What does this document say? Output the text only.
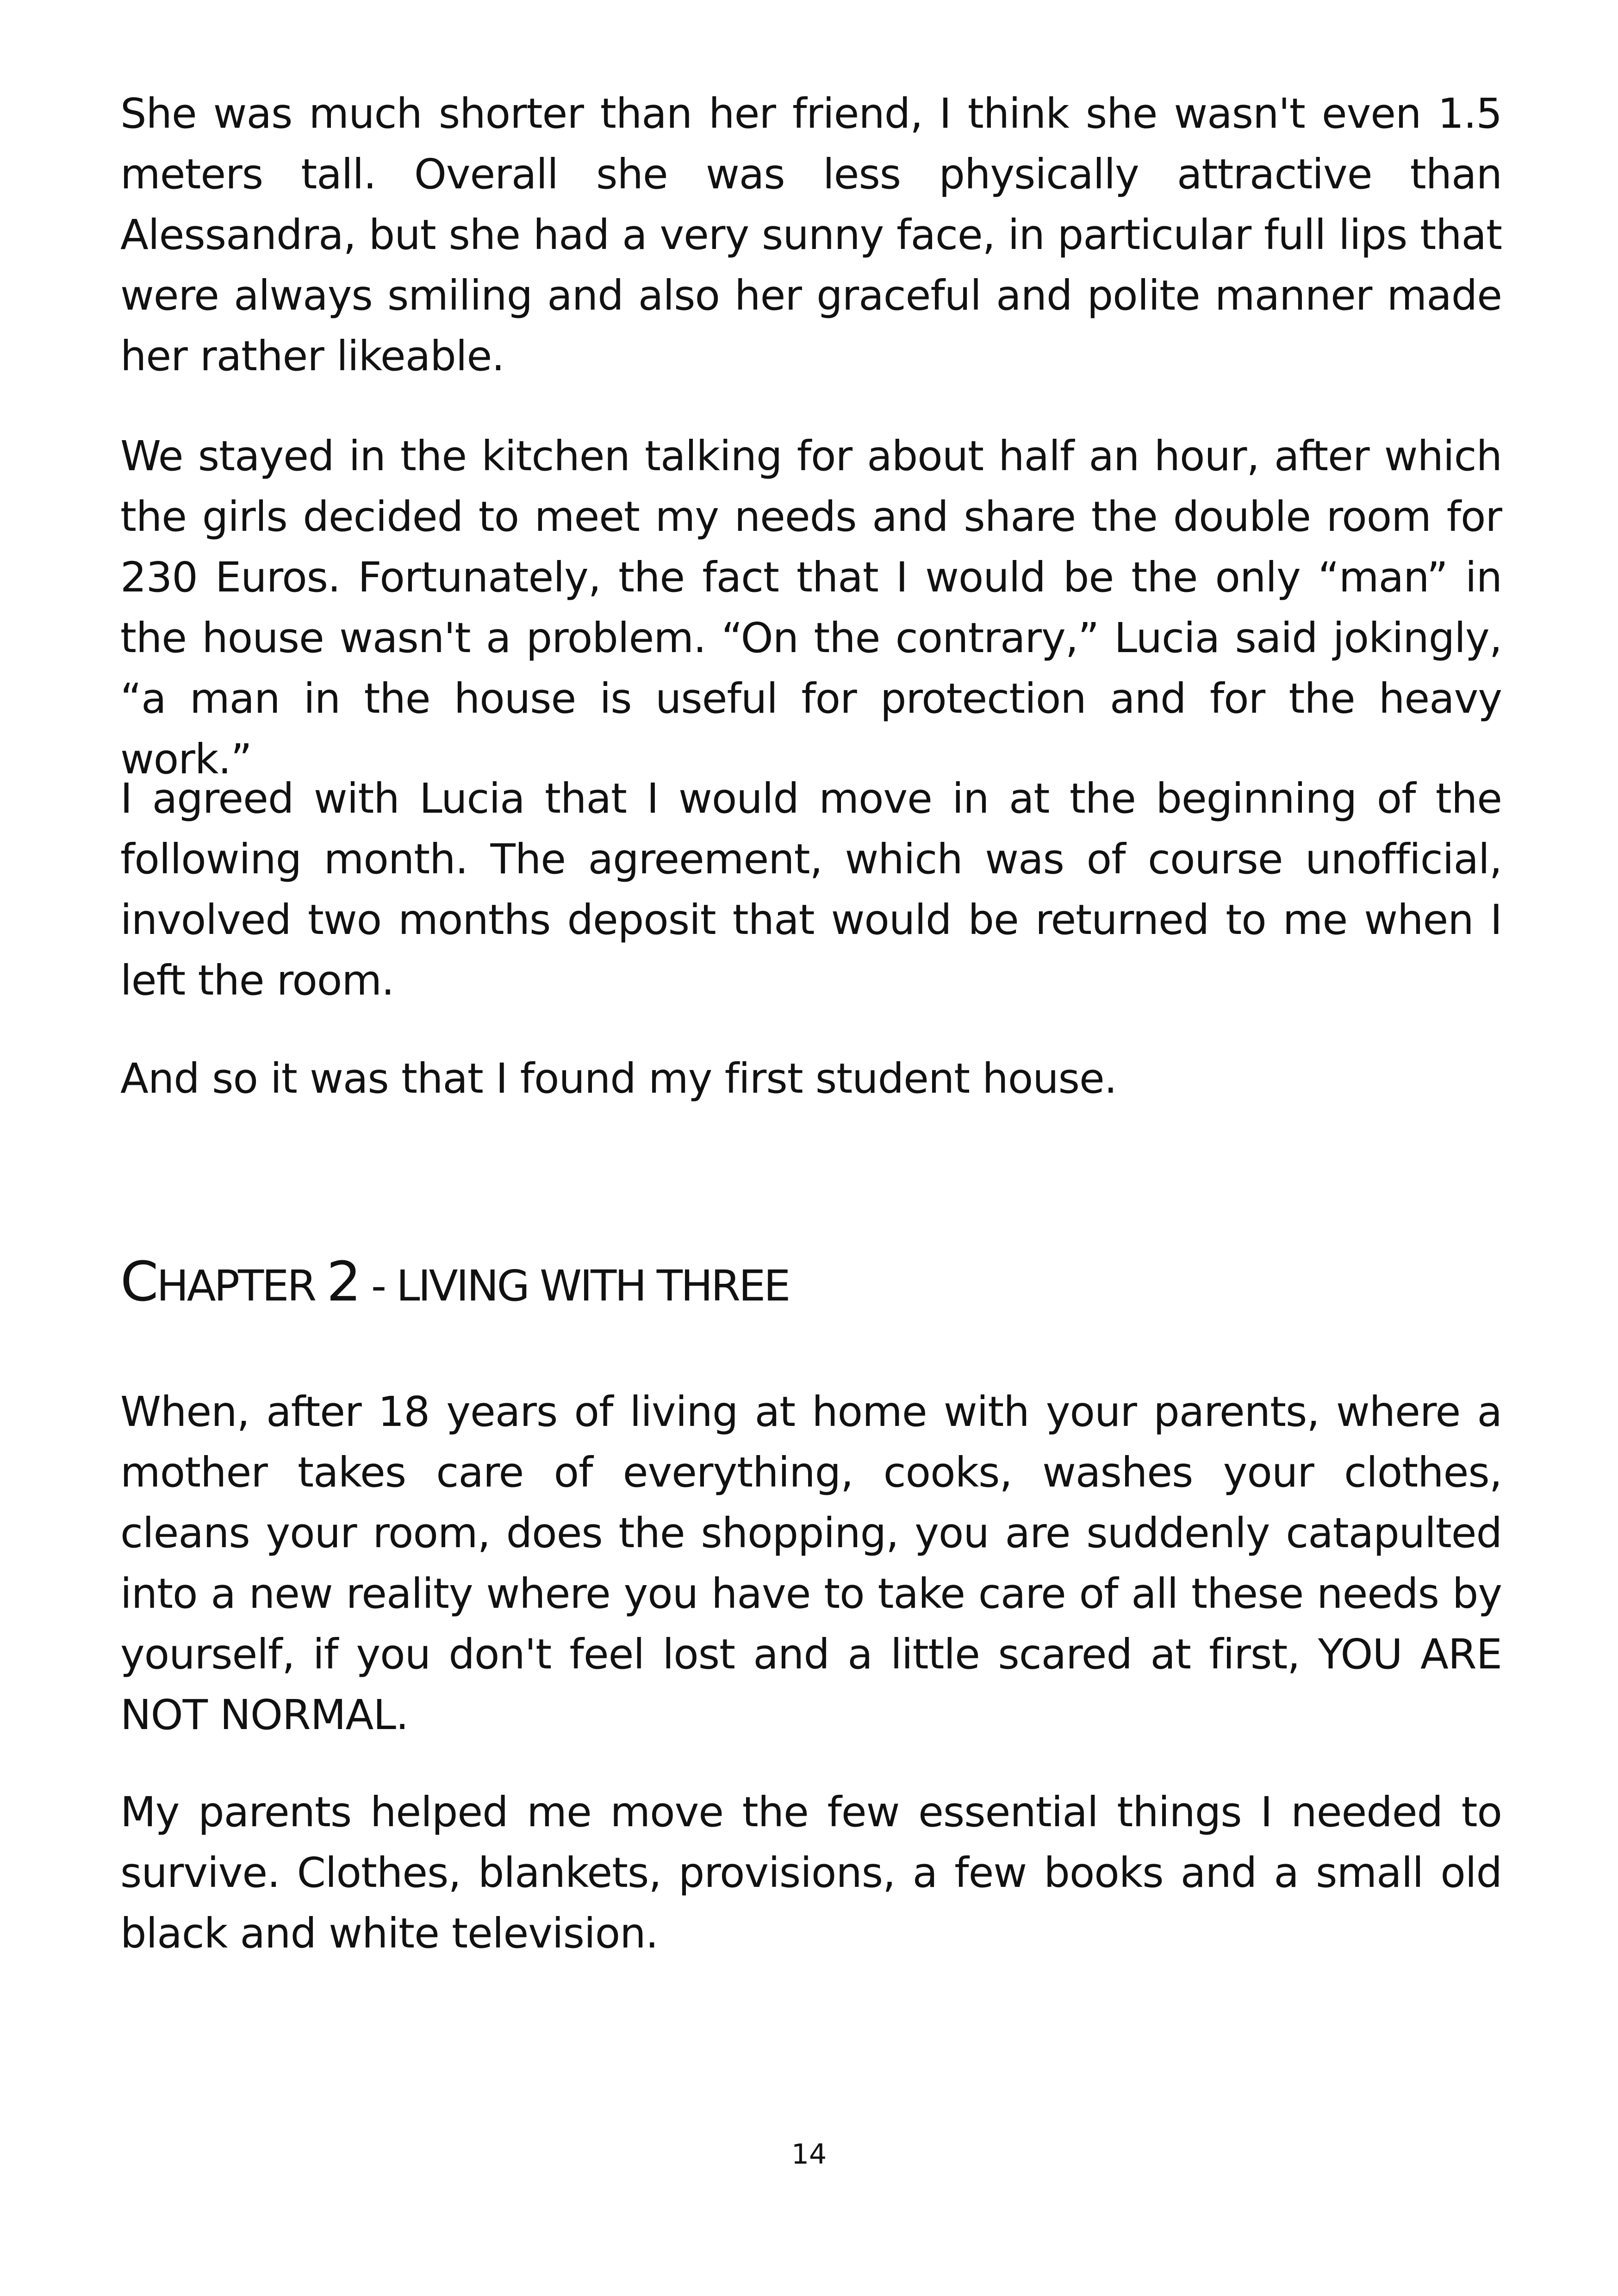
She was much shorter than her friend, I think she wasn't even 1.5 meters tall. Overall she was less physically attractive than Alessandra, but she had a very sunny face, in particular full lips that were always smiling and also her graceful and polite manner made her rather likeable.

We stayed in the kitchen talking for about half an hour, after which the girls decided to meet my needs and share the double room for 230 Euros. Fortunately, the fact that I would be the only “man” in the house wasn't a problem. “On the contrary,” Lucia said jokingly, “a man in the house is useful for protection and for the heavy work.”

I agreed with Lucia that I would move in at the beginning of the following month. The agreement, which was of course unofficial, involved two months deposit that would be returned to me when I left the room.

And so it was that I found my first student house.

CHAPTER 2 - LIVING WITH THREE

When, after 18 years of living at home with your parents, where a mother takes care of everything, cooks, washes your clothes, cleans your room, does the shopping, you are suddenly catapulted into a new reality where you have to take care of all these needs by yourself, if you don't feel lost and a little scared at first, YOU ARE NOT NORMAL.

My parents helped me move the few essential things I needed to survive. Clothes, blankets, provisions, a few books and a small old black and white television.

14
